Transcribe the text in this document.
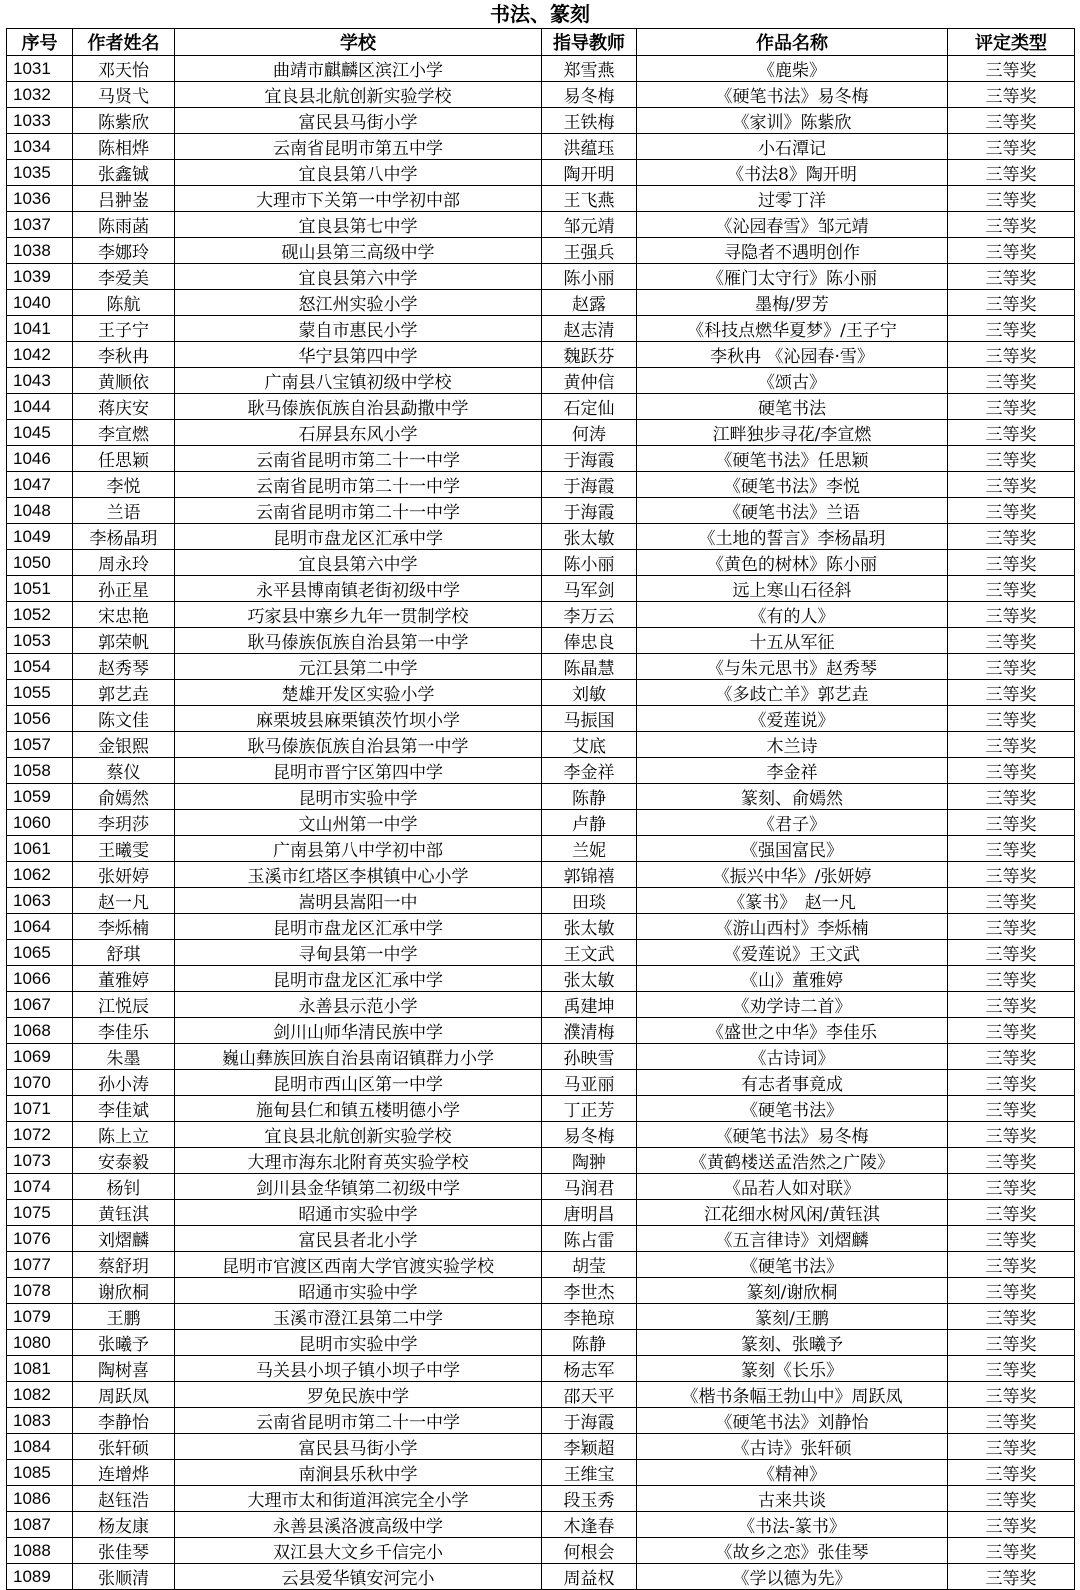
书法、篆刻
序号	作者姓名	学校	指导教师	作品名称	评定类型
1031	邓天怡	曲靖市麒麟区滨江小学	郑雪燕	《鹿柴》	三等奖
1032	马贤弋	宜良县北航创新实验学校	易冬梅	《硬笔书法》易冬梅	三等奖
1033	陈紫欣	富民县马街小学	王铁梅	《家训》陈紫欣	三等奖
1034	陈相烨	云南省昆明市第五中学	洪蕴珏	小石潭记	三等奖
1035	张鑫铖	宜良县第八中学	陶开明	《书法8》陶开明	三等奖
1036	吕翀崟	大理市下关第一中学初中部	王飞燕	过零丁洋	三等奖
1037	陈雨菡	宜良县第七中学	邹元靖	《沁园春雪》邹元靖	三等奖
1038	李娜玲	砚山县第三高级中学	王强兵	寻隐者不遇明创作	三等奖
1039	李爱美	宜良县第六中学	陈小丽	《雁门太守行》陈小丽	三等奖
1040	陈航	怒江州实验小学	赵露	墨梅/罗芳	三等奖
1041	王子宁	蒙自市惠民小学	赵志清	《科技点燃华夏梦》/王子宁	三等奖
1042	李秋冉	华宁县第四中学	魏跃芬	李秋冉 《沁园春·雪》	三等奖
1043	黄顺依	广南县八宝镇初级中学校	黄仲信	《颂古》	三等奖
1044	蒋庆安	耿马傣族佤族自治县勐撒中学	石定仙	硬笔书法	三等奖
1045	李宣燃	石屏县东风小学	何涛	江畔独步寻花/李宣燃	三等奖
1046	任思颖	云南省昆明市第二十一中学	于海霞	《硬笔书法》任思颖	三等奖
1047	李悦	云南省昆明市第二十一中学	于海霞	《硬笔书法》李悦	三等奖
1048	兰语	云南省昆明市第二十一中学	于海霞	《硬笔书法》兰语	三等奖
1049	李杨晶玥	昆明市盘龙区汇承中学	张太敏	《土地的誓言》李杨晶玥	三等奖
1050	周永玲	宜良县第六中学	陈小丽	《黄色的树林》陈小丽	三等奖
1051	孙正星	永平县博南镇老街初级中学	马军剑	远上寒山石径斜	三等奖
1052	宋忠艳	巧家县中寨乡九年一贯制学校	李万云	《有的人》	三等奖
1053	郭荣帆	耿马傣族佤族自治县第一中学	俸忠良	十五从军征	三等奖
1054	赵秀琴	元江县第二中学	陈晶慧	《与朱元思书》赵秀琴	三等奖
1055	郭艺垚	楚雄开发区实验小学	刘敏	《多歧亡羊》郭艺垚	三等奖
1056	陈文佳	麻栗坡县麻栗镇茨竹坝小学	马振国	《爱莲说》	三等奖
1057	金银熙	耿马傣族佤族自治县第一中学	艾底	木兰诗	三等奖
1058	蔡仪	昆明市晋宁区第四中学	李金祥	李金祥	三等奖
1059	俞嫣然	昆明市实验中学	陈静	篆刻、俞嫣然	三等奖
1060	李玥莎	文山州第一中学	卢静	《君子》	三等奖
1061	王曦雯	广南县第八中学初中部	兰妮	《强国富民》	三等奖
1062	张妍婷	玉溪市红塔区李棋镇中心小学	郭锦禧	《振兴中华》/张妍婷	三等奖
1063	赵一凡	嵩明县嵩阳一中	田琰	《篆书》　赵一凡	三等奖
1064	李烁楠	昆明市盘龙区汇承中学	张太敏	《游山西村》李烁楠	三等奖
1065	舒琪	寻甸县第一中学	王文武	《爱莲说》王文武	三等奖
1066	董雅婷	昆明市盘龙区汇承中学	张太敏	《山》董雅婷	三等奖
1067	江悦辰	永善县示范小学	禹建坤	《劝学诗二首》	三等奖
1068	李佳乐	剑川山师华清民族中学	濮清梅	《盛世之中华》李佳乐	三等奖
1069	朱墨	巍山彝族回族自治县南诏镇群力小学	孙映雪	《古诗词》	三等奖
1070	孙小涛	昆明市西山区第一中学	马亚丽	有志者事竟成	三等奖
1071	李佳斌	施甸县仁和镇五楼明德小学	丁正芳	《硬笔书法》	三等奖
1072	陈上立	宜良县北航创新实验学校	易冬梅	《硬笔书法》易冬梅	三等奖
1073	安泰毅	大理市海东北附育英实验学校	陶翀	《黄鹤楼送孟浩然之广陵》	三等奖
1074	杨钊	剑川县金华镇第二初级中学	马润君	《品若人如对联》	三等奖
1075	黄钰淇	昭通市实验中学	唐明昌	江花细水树风闲/黄钰淇	三等奖
1076	刘熠麟	富民县者北小学	陈占雷	《五言律诗》刘熠麟	三等奖
1077	蔡舒玥	昆明市官渡区西南大学官渡实验学校	胡莹	《硬笔书法》	三等奖
1078	谢欣桐	昭通市实验中学	李世杰	篆刻/谢欣桐	三等奖
1079	王鹏	玉溪市澄江县第二中学	李艳琼	篆刻/王鹏	三等奖
1080	张曦予	昆明市实验中学	陈静	篆刻、张曦予	三等奖
1081	陶树喜	马关县小坝子镇小坝子中学	杨志军	篆刻《长乐》	三等奖
1082	周跃凤	罗免民族中学	邵天平	《楷书条幅王勃山中》周跃凤	三等奖
1083	李静怡	云南省昆明市第二十一中学	于海霞	《硬笔书法》刘静怡	三等奖
1084	张轩硕	富民县马街小学	李颖超	《古诗》张轩硕	三等奖
1085	连增烨	南涧县乐秋中学	王维宝	《精神》	三等奖
1086	赵钰浩	大理市太和街道洱滨完全小学	段玉秀	古来共谈	三等奖
1087	杨友康	永善县溪洛渡高级中学	木逢春	《书法-篆书》	三等奖
1088	张佳琴	双江县大文乡千信完小	何根会	《故乡之恋》张佳琴	三等奖
1089	张顺清	云县爱华镇安河完小	周益权	《学以德为先》	三等奖
